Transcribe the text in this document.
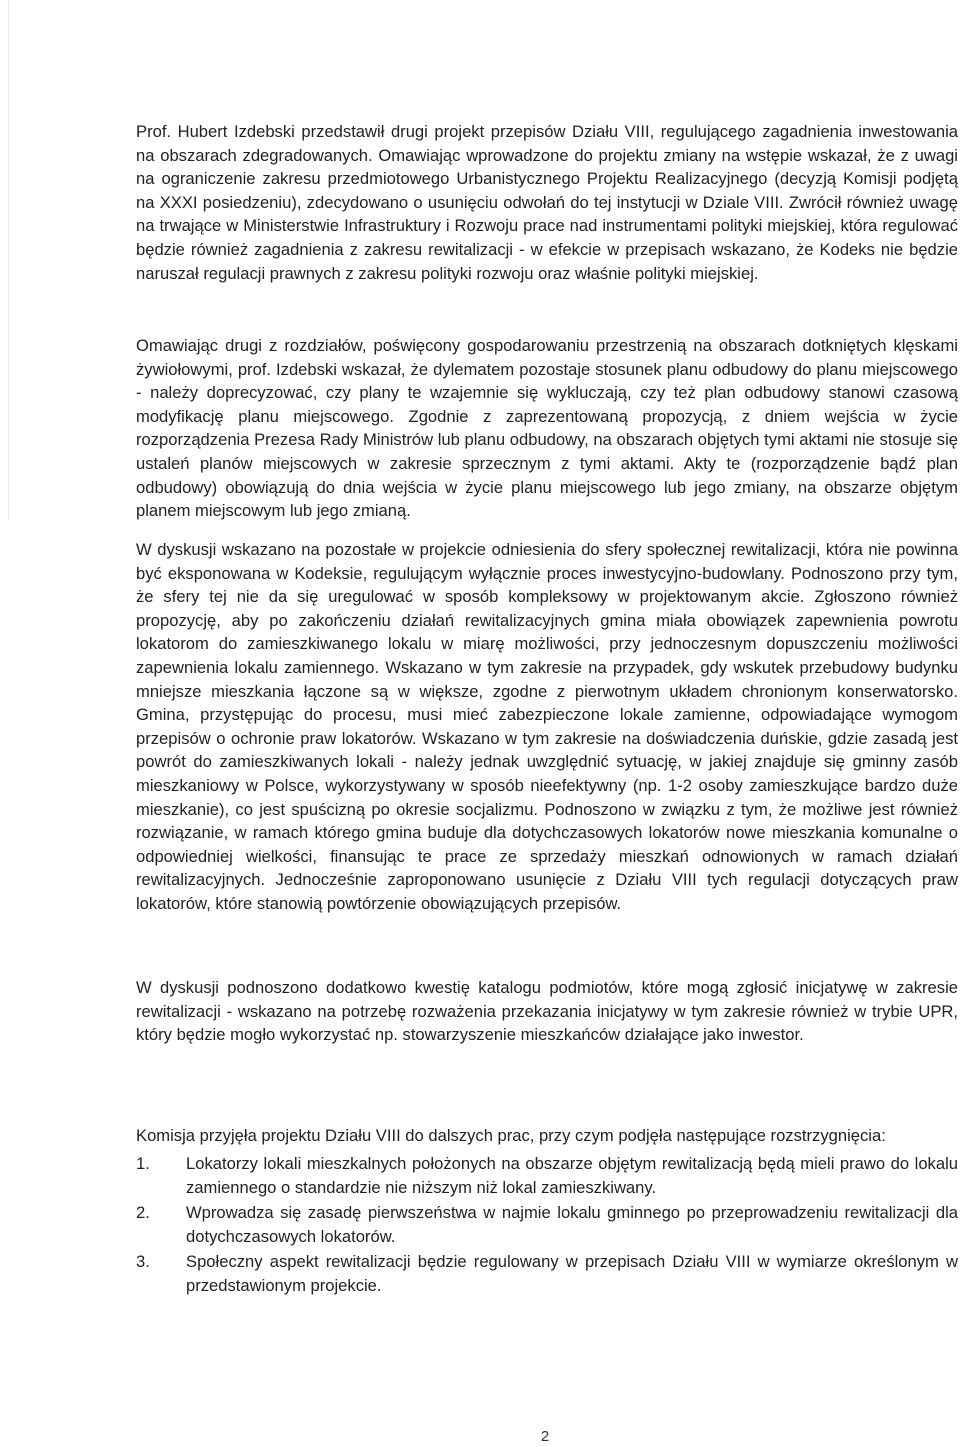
Prof. Hubert Izdebski przedstawił drugi projekt przepisów Działu VIII, regulującego zagadnienia inwestowania na obszarach zdegradowanych. Omawiając wprowadzone do projektu zmiany na wstępie wskazał, że z uwagi na ograniczenie zakresu przedmiotowego Urbanistycznego Projektu Realizacyjnego (decyzją Komisji podjętą na XXXI posiedzeniu), zdecydowano o usunięciu odwołań do tej instytucji w Dziale VIII. Zwrócił również uwagę na trwające w Ministerstwie Infrastruktury i Rozwoju prace nad instrumentami polityki miejskiej, która regulować będzie również zagadnienia z zakresu rewitalizacji - w efekcie w przepisach wskazano, że Kodeks nie będzie naruszał regulacji prawnych z zakresu polityki rozwoju oraz właśnie polityki miejskiej.

Omawiając drugi z rozdziałów, poświęcony gospodarowaniu przestrzenią na obszarach dotkniętych klęskami żywiołowymi, prof. Izdebski wskazał, że dylematem pozostaje stosunek planu odbudowy do planu miejscowego - należy doprecyzować, czy plany te wzajemnie się wykluczają, czy też plan odbudowy stanowi czasową modyfikację planu miejscowego. Zgodnie z zaprezentowaną propozycją, z dniem wejścia w życie rozporządzenia Prezesa Rady Ministrów lub planu odbudowy, na obszarach objętych tymi aktami nie stosuje się ustaleń planów miejscowych w zakresie sprzecznym z tymi aktami. Akty te (rozporządzenie bądź plan odbudowy) obowiązują do dnia wejścia w życie planu miejscowego lub jego zmiany, na obszarze objętym planem miejscowym lub jego zmianą.

W dyskusji wskazano na pozostałe w projekcie odniesienia do sfery społecznej rewitalizacji, która nie powinna być eksponowana w Kodeksie, regulującym wyłącznie proces inwestycyjno-budowlany. Podnoszono przy tym, że sfery tej nie da się uregulować w sposób kompleksowy w projektowanym akcie. Zgłoszono również propozycję, aby po zakończeniu działań rewitalizacyjnych gmina miała obowiązek zapewnienia powrotu lokatorom do zamieszkiwanego lokalu w miarę możliwości, przy jednoczesnym dopuszczeniu możliwości zapewnienia lokalu zamiennego. Wskazano w tym zakresie na przypadek, gdy wskutek przebudowy budynku mniejsze mieszkania łączone są w większe, zgodne z pierwotnym układem chronionym konserwatorsko. Gmina, przystępując do procesu, musi mieć zabezpieczone lokale zamienne, odpowiadające wymogom przepisów o ochronie praw lokatorów. Wskazano w tym zakresie na doświadczenia duńskie, gdzie zasadą jest powrót do zamieszkiwanych lokali - należy jednak uwzględnić sytuację, w jakiej znajduje się gminny zasób mieszkaniowy w Polsce, wykorzystywany w sposób nieefektywny (np. 1-2 osoby zamieszkujące bardzo duże mieszkanie), co jest spuścizną po okresie socjalizmu. Podnoszono w związku z tym, że możliwe jest również rozwiązanie, w ramach którego gmina buduje dla dotychczasowych lokatorów nowe mieszkania komunalne o odpowiedniej wielkości, finansując te prace ze sprzedaży mieszkań odnowionych w ramach działań rewitalizacyjnych. Jednocześnie zaproponowano usunięcie z Działu VIII tych regulacji dotyczących praw lokatorów, które stanowią powtórzenie obowiązujących przepisów.

W dyskusji podnoszono dodatkowo kwestię katalogu podmiotów, które mogą zgłosić inicjatywę w zakresie rewitalizacji - wskazano na potrzebę rozważenia przekazania inicjatywy w tym zakresie również w trybie UPR, który będzie mogło wykorzystać np. stowarzyszenie mieszkańców działające jako inwestor.

Komisja przyjęła projektu Działu VIII do dalszych prac, przy czym podjęła następujące rozstrzygnięcia:

1.	Lokatorzy lokali mieszkalnych położonych na obszarze objętym rewitalizacją będą mieli prawo do lokalu zamiennego o standardzie nie niższym niż lokal zamieszkiwany.
2.	Wprowadza się zasadę pierwszeństwa w najmie lokalu gminnego po przeprowadzeniu rewitalizacji dla dotychczasowych lokatorów.
3.	Społeczny aspekt rewitalizacji będzie regulowany w przepisach Działu VIII w wymiarze określonym w przedstawionym projekcie.
2
